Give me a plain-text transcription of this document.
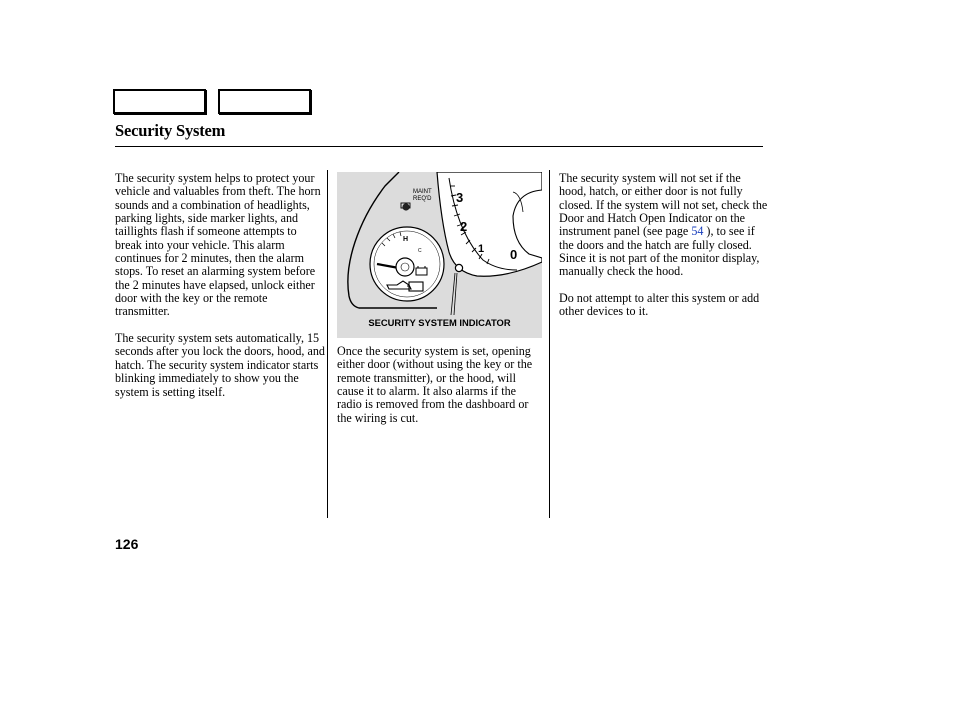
Security System

The security system helps to protect your vehicle and valuables from theft. The horn sounds and a combination of headlights, parking lights, side marker lights, and taillights flash if someone attempts to break into your vehicle. This alarm continues for 2 minutes, then the alarm stops. To reset an alarming system before the 2 minutes have elapsed, unlock either door with the key or the remote transmitter.

The security system sets automatically, 15 seconds after you lock the doors, hood, and hatch. The security system indicator starts blinking immediately to show you the system is setting itself.

3
2
1 0
MAINT
REQ'D
H
C
SECURITY SYSTEM INDICATOR

Once the security system is set, opening either door (without using the key or the remote transmitter), or the hood, will cause it to alarm. It also alarms if the radio is removed from the dashboard or the wiring is cut.

The security system will not set if the hood, hatch, or either door is not fully closed. If the system will not set, check the Door and Hatch Open Indicator on the instrument panel (see page 54 ), to see if the doors and the hatch are fully closed. Since it is not part of the monitor display, manually check the hood.

Do not attempt to alter this system or add other devices to it.

126
